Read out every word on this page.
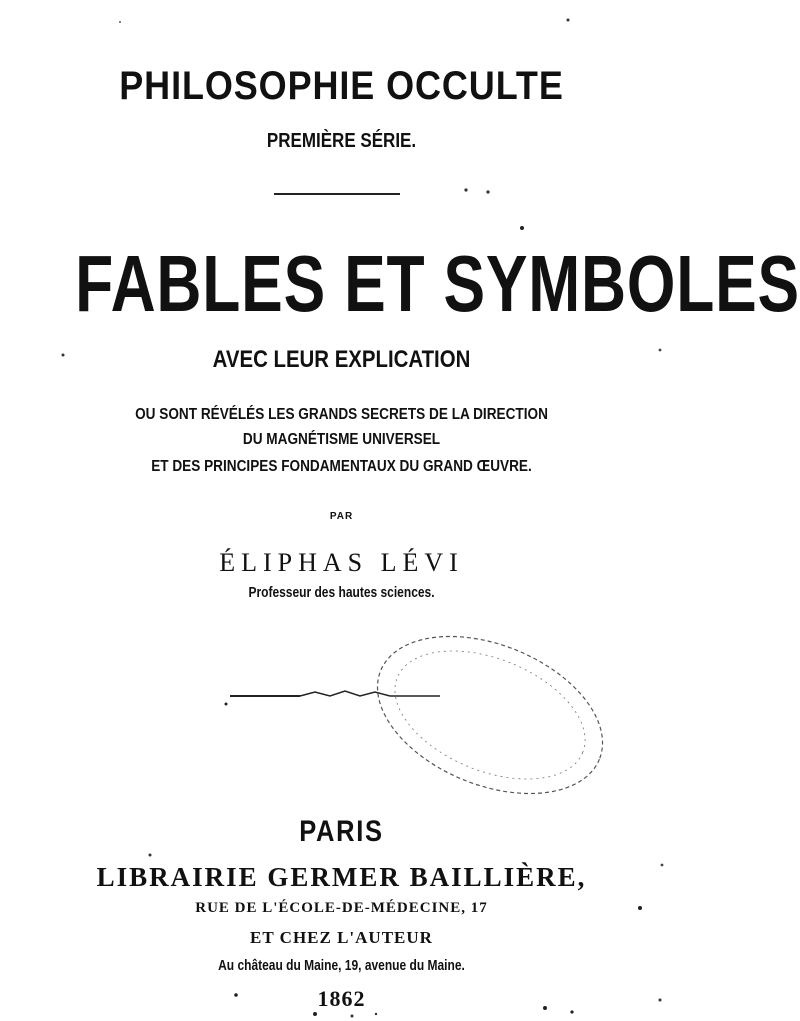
PHILOSOPHIE OCCULTE
PREMIÈRE SÉRIE.
FABLES ET SYMBOLES
AVEC LEUR EXPLICATION
OU SONT RÉVÉLÉS LES GRANDS SECRETS DE LA DIRECTION
DU MAGNÉTISME UNIVERSEL
ET DES PRINCIPES FONDAMENTAUX DU GRAND ŒUVRE.
PAR
ÉLIPHAS LÉVI
Professeur des hautes sciences.
PARIS
LIBRAIRIE GERMER BAILLIÈRE,
RUE DE L'ÉCOLE-DE-MÉDECINE, 17
ET CHEZ L'AUTEUR
Au château du Maine, 19, avenue du Maine.
1862
